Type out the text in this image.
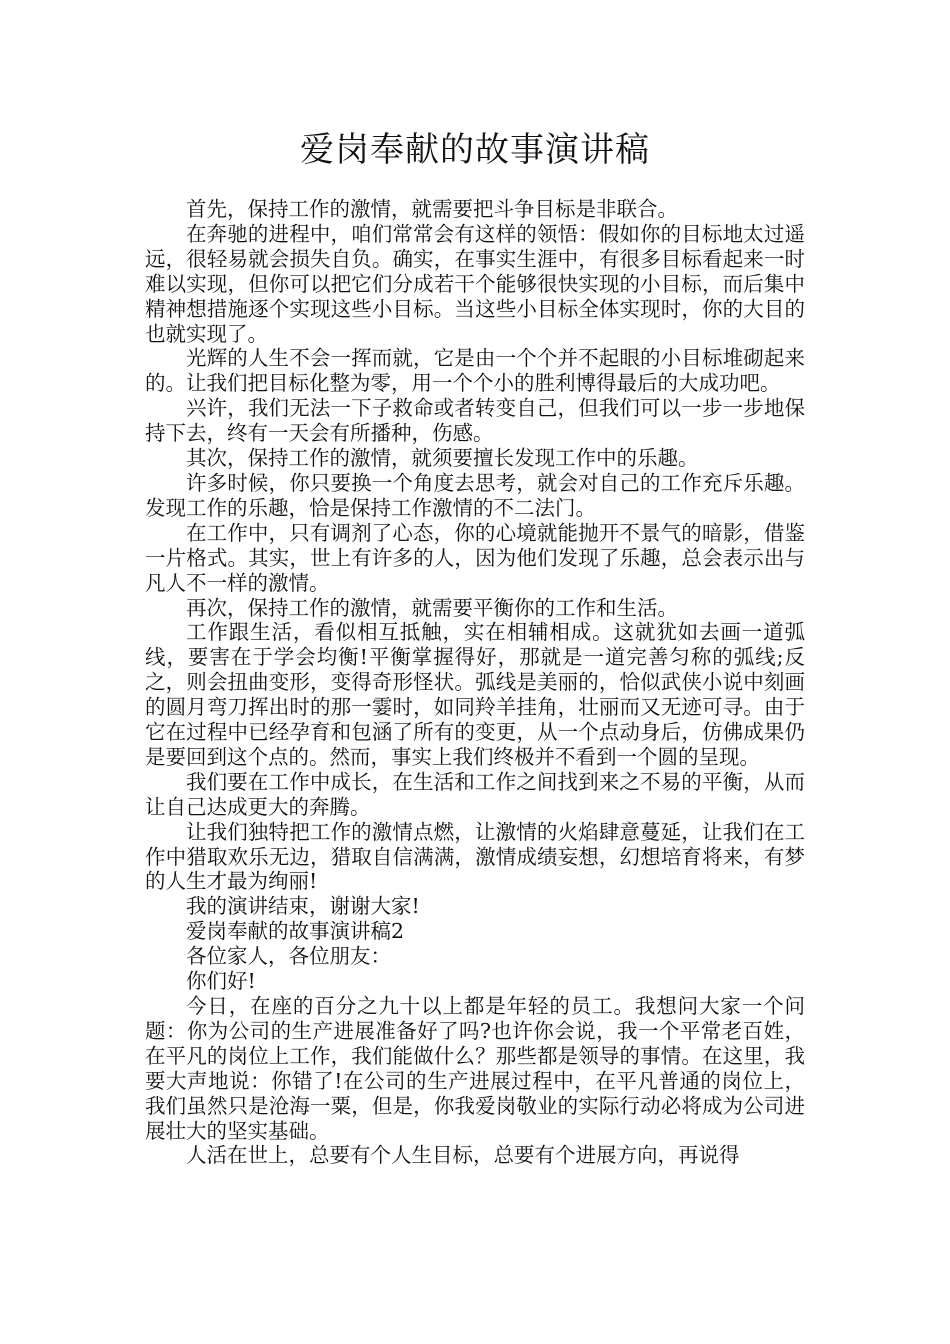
爱岗奉献的故事演讲稿

首先，保持工作的激情，就需要把斗争目标是非联合。

在奔驰的进程中，咱们常常会有这样的领悟：假如你的目标地太过遥远，很轻易就会损失自负。确实，在事实生涯中，有很多目标看起来一时难以实现，但你可以把它们分成若干个能够很快实现的小目标，而后集中精神想措施逐个实现这些小目标。当这些小目标全体实现时，你的大目的也就实现了。

光辉的人生不会一挥而就，它是由一个个并不起眼的小目标堆砌起来的。让我们把目标化整为零，用一个个小的胜利博得最后的大成功吧。

兴许，我们无法一下子救命或者转变自己，但我们可以一步一步地保持下去，终有一天会有所播种，伤感。

其次，保持工作的激情，就须要擅长发现工作中的乐趣。

许多时候，你只要换一个角度去思考，就会对自己的工作充斥乐趣。发现工作的乐趣，恰是保持工作激情的不二法门。

在工作中，只有调剂了心态，你的心境就能抛开不景气的暗影，借鉴一片格式。其实，世上有许多的人，因为他们发现了乐趣，总会表示出与凡人不一样的激情。

再次，保持工作的激情，就需要平衡你的工作和生活。

工作跟生活，看似相互抵触，实在相辅相成。这就犹如去画一道弧线，要害在于学会均衡!平衡掌握得好，那就是一道完善匀称的弧线;反之，则会扭曲变形，变得奇形怪状。弧线是美丽的，恰似武侠小说中刻画的圆月弯刀挥出时的那一霎时，如同羚羊挂角，壮丽而又无迹可寻。由于它在过程中已经孕育和包涵了所有的变更，从一个点动身后，仿佛成果仍是要回到这个点的。然而，事实上我们终极并不看到一个圆的呈现。

我们要在工作中成长，在生活和工作之间找到来之不易的平衡，从而让自己达成更大的奔腾。

让我们独特把工作的激情点燃，让激情的火焰肆意蔓延，让我们在工作中猎取欢乐无边，猎取自信满满，激情成绩妄想，幻想培育将来，有梦的人生才最为绚丽!

我的演讲结束，谢谢大家!

爱岗奉献的故事演讲稿2

各位家人，各位朋友：

你们好!

今日，在座的百分之九十以上都是年轻的员工。我想问大家一个问题：你为公司的生产进展准备好了吗?也许你会说，我一个平常老百姓，在平凡的岗位上工作，我们能做什么？那些都是领导的事情。在这里，我要大声地说：你错了!在公司的生产进展过程中，在平凡普通的岗位上，我们虽然只是沧海一粟，但是，你我爱岗敬业的实际行动必将成为公司进展壮大的坚实基础。

人活在世上，总要有个人生目标，总要有个进展方向，再说得
